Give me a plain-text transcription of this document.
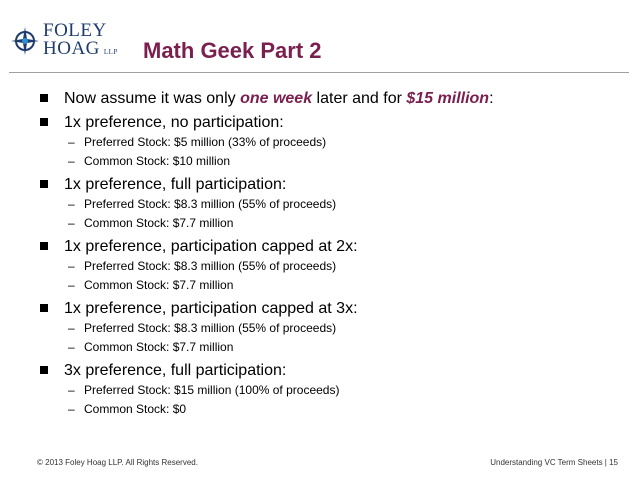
FOLEY
HOAG LLP Math Geek Part 2
Now assume it was only one week later and for $15 million:
1x preference, no participation:
– Preferred Stock: $5 million (33% of proceeds)
– Common Stock: $10 million
1x preference, full participation:
– Preferred Stock: $8.3 million (55% of proceeds)
– Common Stock: $7.7 million
1x preference, participation capped at 2x:
– Preferred Stock: $8.3 million (55% of proceeds)
– Common Stock: $7.7 million
1x preference, participation capped at 3x:
– Preferred Stock: $8.3 million (55% of proceeds)
– Common Stock: $7.7 million
3x preference, full participation:
– Preferred Stock: $15 million (100% of proceeds)
– Common Stock: $0
© 2013 Foley Hoag LLP. All Rights Reserved.	Understanding VC Term Sheets | 15
